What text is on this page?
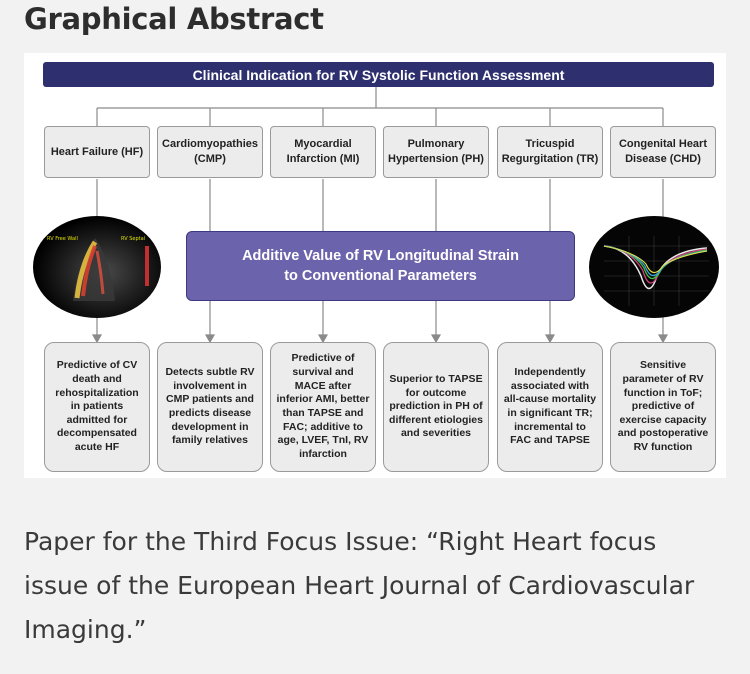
Graphical Abstract
Clinical Indication for RV Systolic Function Assessment
Heart Failure (HF)
Cardiomyopathies (CMP)
Myocardial Infarction (MI)
Pulmonary Hypertension (PH)
Tricuspid Regurgitation (TR)
Congenital Heart Disease (CHD)
RV Free Wall	RV Septal
Additive Value of RV Longitudinal Strain
to Conventional Parameters
Predictive of CV death and rehospitalization in patients admitted for decompensated acute HF
Detects subtle RV involvement in CMP patients and predicts disease development in family relatives
Predictive of survival and MACE after inferior AMI, better than TAPSE and FAC; additive to age, LVEF, TnI, RV infarction
Superior to TAPSE for outcome prediction in PH of different etiologies and severities
Independently associated with all-cause mortality in significant TR; incremental to FAC and TAPSE
Sensitive parameter of RV function in ToF; predictive of exercise capacity and postoperative RV function
Paper for the Third Focus Issue: “Right Heart focus issue of the European Heart Journal of Cardiovascular Imaging.”
